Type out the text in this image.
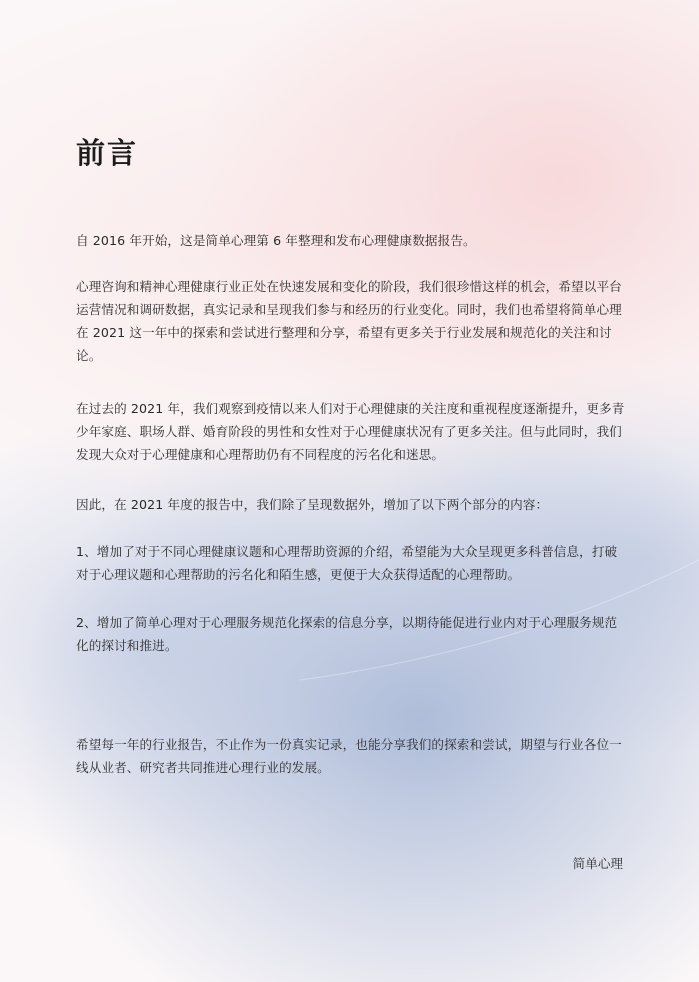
前言

自 2016 年开始，这是简单心理第 6 年整理和发布心理健康数据报告。

心理咨询和精神心理健康行业正处在快速发展和变化的阶段，我们很珍惜这样的机会，希望以平台运营情况和调研数据，真实记录和呈现我们参与和经历的行业变化。同时，我们也希望将简单心理在 2021 这一年中的探索和尝试进行整理和分享，希望有更多关于行业发展和规范化的关注和讨论。

在过去的 2021 年，我们观察到疫情以来人们对于心理健康的关注度和重视程度逐渐提升，更多青少年家庭、职场人群、婚育阶段的男性和女性对于心理健康状况有了更多关注。但与此同时，我们发现大众对于心理健康和心理帮助仍有不同程度的污名化和迷思。

因此，在 2021 年度的报告中，我们除了呈现数据外，增加了以下两个部分的内容：

1、增加了对于不同心理健康议题和心理帮助资源的介绍，希望能为大众呈现更多科普信息，打破对于心理议题和心理帮助的污名化和陌生感，更便于大众获得适配的心理帮助。

2、增加了简单心理对于心理服务规范化探索的信息分享，以期待能促进行业内对于心理服务规范化的探讨和推进。

希望每一年的行业报告，不止作为一份真实记录，也能分享我们的探索和尝试，期望与行业各位一线从业者、研究者共同推进心理行业的发展。

简单心理
